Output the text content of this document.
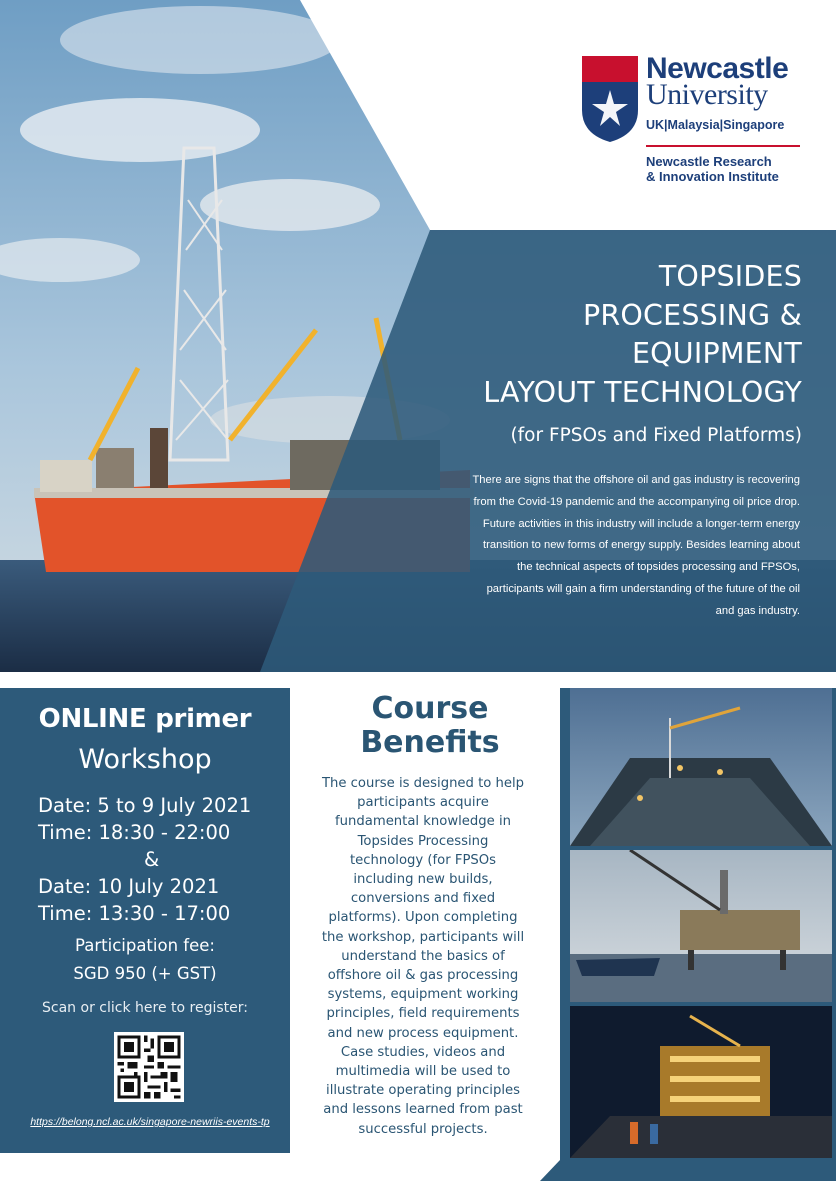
Newcastle
University
UK|Malaysia|Singapore
Newcastle Research
& Innovation Institute
TOPSIDES
PROCESSING &
EQUIPMENT
LAYOUT TECHNOLOGY
(for FPSOs and Fixed Platforms)
There are signs that the offshore oil and gas industry is recovering
from the Covid-19 pandemic and the accompanying oil price drop.
Future activities in this industry will include a longer-term energy
transition to new forms of energy supply. Besides learning about
the technical aspects of topsides processing and FPSOs,
participants will gain a firm understanding of the future of the oil
and gas industry.
ONLINE primer
Workshop
Date: 5 to 9 July 2021
Time: 18:30 - 22:00
&
Date: 10 July 2021
Time: 13:30 - 17:00
Participation fee:
SGD 950 (+ GST)
Scan or click here to register:
https://belong.ncl.ac.uk/singapore-newriis-events-tp
Course
Benefits
The course is designed to help
participants acquire
fundamental knowledge in
Topsides Processing
technology (for FPSOs
including new builds,
conversions and fixed
platforms). Upon completing
the workshop, participants will
understand the basics of
offshore oil & gas processing
systems, equipment working
principles, field requirements
and new process equipment.
Case studies, videos and
multimedia will be used to
illustrate operating principles
and lessons learned from past
successful projects.
